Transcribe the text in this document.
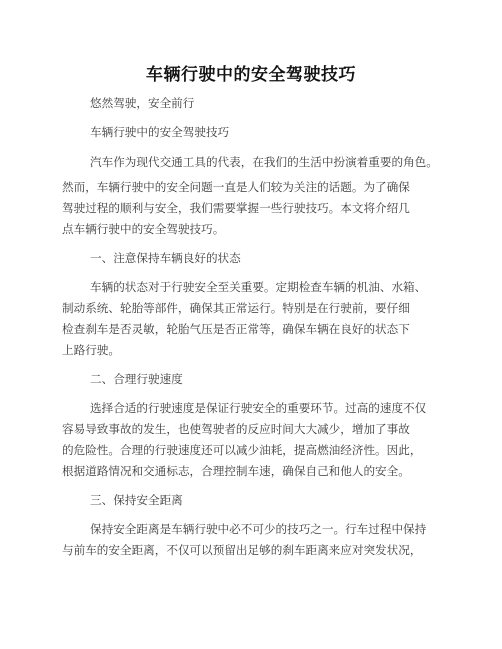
车辆行驶中的安全驾驶技巧
悠然驾驶，安全前行
车辆行驶中的安全驾驶技巧
汽车作为现代交通工具的代表，在我们的生活中扮演着重要的角色。
然而，车辆行驶中的安全问题一直是人们较为关注的话题。为了确保
驾驶过程的顺利与安全，我们需要掌握一些行驶技巧。本文将介绍几
点车辆行驶中的安全驾驶技巧。
一、注意保持车辆良好的状态
车辆的状态对于行驶安全至关重要。定期检查车辆的机油、水箱、
制动系统、轮胎等部件，确保其正常运行。特别是在行驶前，要仔细
检查刹车是否灵敏，轮胎气压是否正常等，确保车辆在良好的状态下
上路行驶。
二、合理行驶速度
选择合适的行驶速度是保证行驶安全的重要环节。过高的速度不仅
容易导致事故的发生，也使驾驶者的反应时间大大减少，增加了事故
的危险性。合理的行驶速度还可以减少油耗，提高燃油经济性。因此，
根据道路情况和交通标志，合理控制车速，确保自己和他人的安全。
三、保持安全距离
保持安全距离是车辆行驶中必不可少的技巧之一。行车过程中保持
与前车的安全距离，不仅可以预留出足够的刹车距离来应对突发状况，
